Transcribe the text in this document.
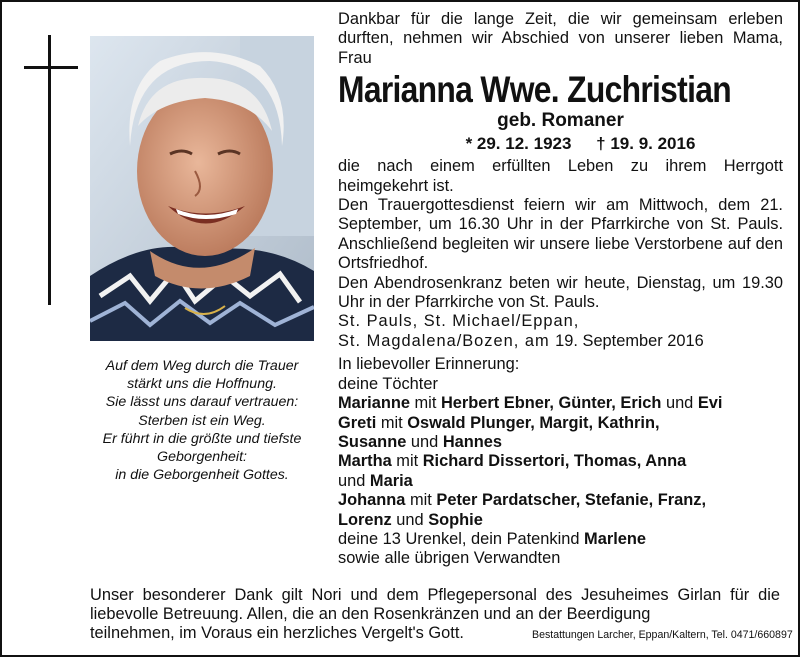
Auf dem Weg durch die Trauer
stärkt uns die Hoffnung.
Sie lässt uns darauf vertrauen:
Sterben ist ein Weg.
Er führt in die größte und tiefste
Geborgenheit:
in die Geborgenheit Gottes.
Dankbar für die lange Zeit, die wir gemeinsam erleben durften, nehmen wir Abschied von unserer lieben Mama, Frau
Marianna Wwe. Zuchristian
geb. Romaner
* 29. 12. 1923 † 19. 9. 2016
die nach einem erfüllten Leben zu ihrem Herrgott heimgekehrt ist.
Den Trauergottesdienst feiern wir am Mittwoch, dem 21. September, um 16.30 Uhr in der Pfarrkirche von St. Pauls. Anschließend begleiten wir unsere liebe Verstorbene auf den Ortsfriedhof.
Den Abendrosenkranz beten wir heute, Dienstag, um 19.30 Uhr in der Pfarrkirche von St. Pauls.
St. Pauls, St. Michael/Eppan,
St. Magdalena/Bozen, am 19. September 2016
In liebevoller Erinnerung:
deine Töchter
Marianne mit Herbert Ebner, Günter, Erich und Evi
Greti mit Oswald Plunger, Margit, Kathrin,
Susanne und Hannes
Martha mit Richard Dissertori, Thomas, Anna
und Maria
Johanna mit Peter Pardatscher, Stefanie, Franz,
Lorenz und Sophie
deine 13 Urenkel, dein Patenkind Marlene
sowie alle übrigen Verwandten
Unser besonderer Dank gilt Nori und dem Pflegepersonal des Jesuheimes Girlan für die liebevolle Betreuung. Allen, die an den Rosenkränzen und an der Beerdigung
teilnehmen, im Voraus ein herzliches Vergelt's Gott.	Bestattungen Larcher, Eppan/Kaltern, Tel. 0471/660897
